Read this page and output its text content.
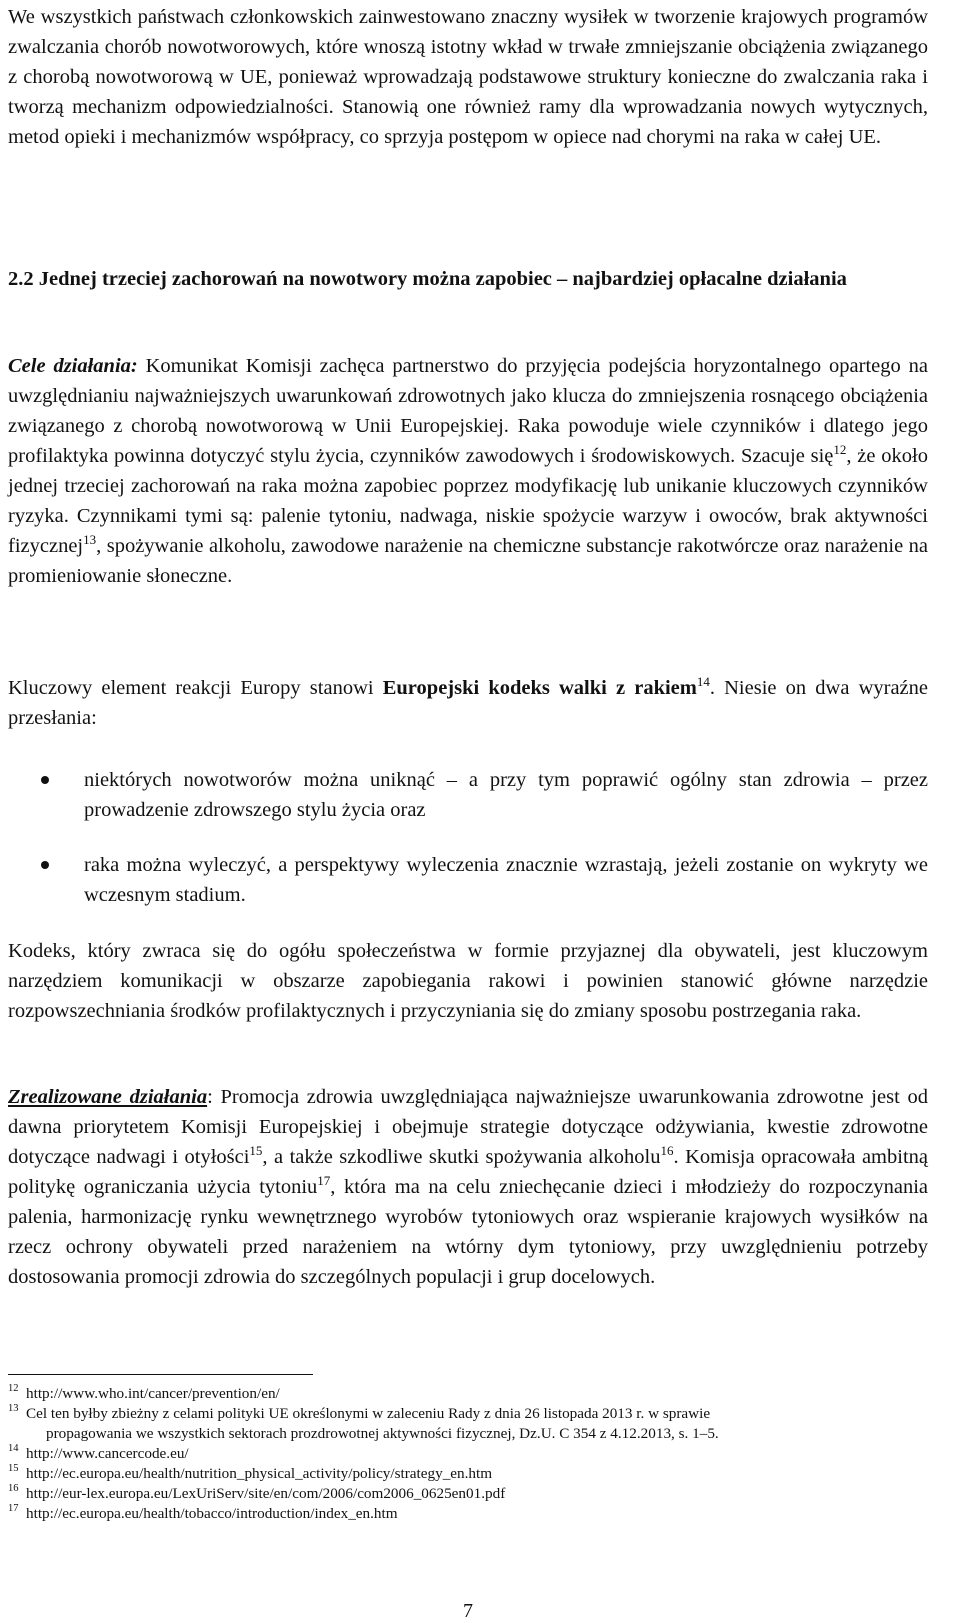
We wszystkich państwach członkowskich zainwestowano znaczny wysiłek w tworzenie krajowych programów zwalczania chorób nowotworowych, które wnoszą istotny wkład w trwałe zmniejszanie obciążenia związanego z chorobą nowotworową w UE, ponieważ wprowadzają podstawowe struktury konieczne do zwalczania raka i tworzą mechanizm odpowiedzialności. Stanowią one również ramy dla wprowadzania nowych wytycznych, metod opieki i mechanizmów współpracy, co sprzyja postępom w opiece nad chorymi na raka w całej UE.

2.2 Jednej trzeciej zachorowań na nowotwory można zapobiec – najbardziej opłacalne działania

Cele działania: Komunikat Komisji zachęca partnerstwo do przyjęcia podejścia horyzontalnego opartego na uwzględnianiu najważniejszych uwarunkowań zdrowotnych jako klucza do zmniejszenia rosnącego obciążenia związanego z chorobą nowotworową w Unii Europejskiej. Raka powoduje wiele czynników i dlatego jego profilaktyka powinna dotyczyć stylu życia, czynników zawodowych i środowiskowych. Szacuje się$^{12}$, że około jednej trzeciej zachorowań na raka można zapobiec poprzez modyfikację lub unikanie kluczowych czynników ryzyka. Czynnikami tymi są: palenie tytoniu, nadwaga, niskie spożycie warzyw i owoców, brak aktywności fizycznej$^{13}$, spożywanie alkoholu, zawodowe narażenie na chemiczne substancje rakotwórcze oraz narażenie na promieniowanie słoneczne.

Kluczowy element reakcji Europy stanowi Europejski kodeks walki z rakiem$^{14}$. Niesie on dwa wyraźne przesłania:

niektórych nowotworów można uniknąć – a przy tym poprawić ogólny stan zdrowia – przez prowadzenie zdrowszego stylu życia oraz

raka można wyleczyć, a perspektywy wyleczenia znacznie wzrastają, jeżeli zostanie on wykryty we wczesnym stadium.

Kodeks, który zwraca się do ogółu społeczeństwa w formie przyjaznej dla obywateli, jest kluczowym narzędziem komunikacji w obszarze zapobiegania rakowi i powinien stanowić główne narzędzie rozpowszechniania środków profilaktycznych i przyczyniania się do zmiany sposobu postrzegania raka.

Zrealizowane działania: Promocja zdrowia uwzględniająca najważniejsze uwarunkowania zdrowotne jest od dawna priorytetem Komisji Europejskiej i obejmuje strategie dotyczące odżywiania, kwestie zdrowotne dotyczące nadwagi i otyłości$^{15}$, a także szkodliwe skutki spożywania alkoholu$^{16}$. Komisja opracowała ambitną politykę ograniczania użycia tytoniu$^{17}$, która ma na celu zniechęcanie dzieci i młodzieży do rozpoczynania palenia, harmonizację rynku wewnętrznego wyrobów tytoniowych oraz wspieranie krajowych wysiłków na rzecz ochrony obywateli przed narażeniem na wtórny dym tytoniowy, przy uwzględnieniu potrzeby dostosowania promocji zdrowia do szczególnych populacji i grup docelowych.

12 http://www.who.int/cancer/prevention/en/

13 Cel ten byłby zbieżny z celami polityki UE określonymi w zaleceniu Rady z dnia 26 listopada 2013 r. w sprawie
propagowania we wszystkich sektorach prozdrowotnej aktywności fizycznej, Dz.U. C 354 z 4.12.2013, s. 1–5.

14 http://www.cancercode.eu/

15 http://ec.europa.eu/health/nutrition_physical_activity/policy/strategy_en.htm

16 http://eur-lex.europa.eu/LexUriServ/site/en/com/2006/com2006_0625en01.pdf

17 http://ec.europa.eu/health/tobacco/introduction/index_en.htm

7
